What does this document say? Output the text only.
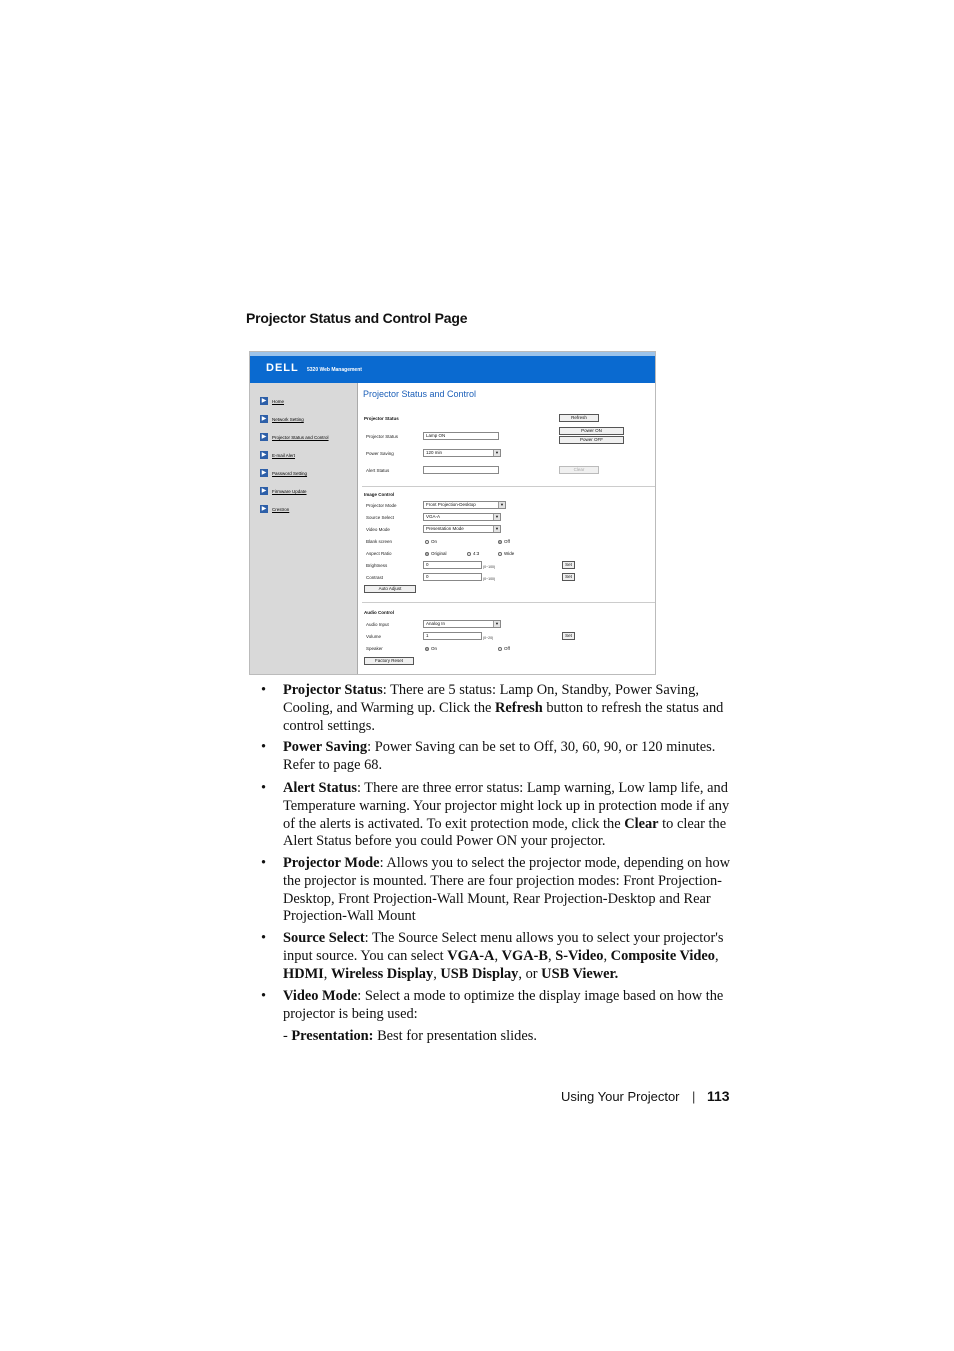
Projector Status and Control Page
DELL 5320 Web Management
▶	Home
▶	Network Setting
▶	Projector Status and Control
▶	E-mail Alert
▶	Password Setting
▶	Firmware Update
▶	Crestron
Projector Status and Control
Projector Status
Projector Status	Lamp ON
Power Saving	120 min	▼
Alert Status
Refresh
Power ON
Power OFF
Clear
Image Control
Projector Mode	Front Projection-Desktop	▼
Source Select	VGA-A	▼
Video Mode	Presentation Mode	▼
Blank screen	On	Off
Aspect Ratio	Original	4:3	Wide
Brightness	0	(0~100)	Set
Contrast	0	(0~100)	Set
Auto Adjust
Audio Control
Audio Input	Analog In	▼
Volume	1	(0~20)	Set
Speaker	On	Off
Factory Reset
• Projector Status: There are 5 status: Lamp On, Standby, Power Saving, Cooling, and Warming up. Click the Refresh button to refresh the status and control settings.
• Power Saving: Power Saving can be set to Off, 30, 60, 90, or 120 minutes. Refer to page 68.
• Alert Status: There are three error status: Lamp warning, Low lamp life, and Temperature warning. Your projector might lock up in protection mode if any of the alerts is activated. To exit protection mode, click the Clear to clear the Alert Status before you could Power ON your projector.
• Projector Mode: Allows you to select the projector mode, depending on how the projector is mounted. There are four projection modes: Front Projection-Desktop, Front Projection-Wall Mount, Rear Projection-Desktop and Rear Projection-Wall Mount
• Source Select: The Source Select menu allows you to select your projector's input source. You can select VGA-A, VGA-B, S-Video, Composite Video, HDMI, Wireless Display, USB Display, or USB Viewer.
• Video Mode: Select a mode to optimize the display image based on how the projector is being used:
- Presentation: Best for presentation slides.
Using Your Projector | 113
